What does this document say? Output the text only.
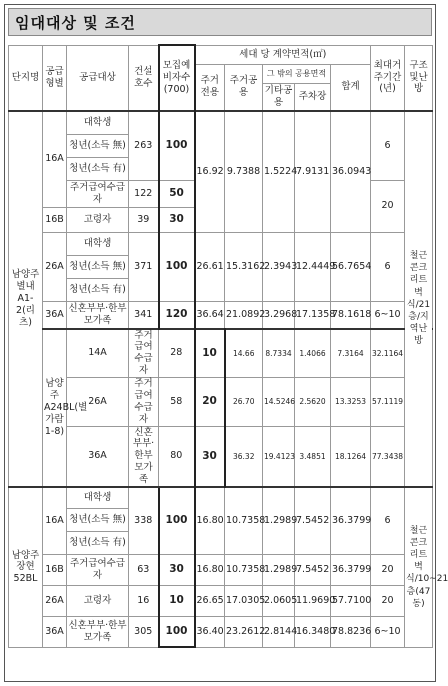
임대대상 및 조건
단지명	공급형별	공급대상	건설호수	모집예비자수(700)	세대 당 계약면적(㎡)					최대거주기간(년)	구조및난방	
					주거전용	주거공용	그 밖의 공용면적		합계			
							기타공용	주차장				
남양주별내A1-2(리츠)	16A	대학생	263	100	16.92	9.7388	1.5224	7.9131	36.0943	6	철근콘크리트벽식/21층/지역난방	
		청년(소득 無)										
		청년(소득 有)										
		주거급여수급자	122	50						20		
	16B	고령자	39	30								
	26A	대학생	371	100	26.61	15.3162	2.3943	12.4449	56.7654	6		
		청년(소득 無)										
		청년(소득 有)										
	36A	신혼부부·한부모가족	341	120	36.64	21.0892	3.2968	17.1358	78.1618	6~10		
	남양주A24BL(별가람1-8)	14A	주거급여수급자	28	10	14.66	8.7334	1.4066	7.3164	32.1164		
		26A	주거급여수급자	58	20	26.70	14.5246	2.5620	13.3253	57.1119	
		36A	신혼부부·한부모가족	80	30	36.32	19.4123	3.4851	18.1264	77.3438	
남양주장현52BL	16A	대학생	338	100	16.80	10.7358	1.2989	7.5452	36.3799	6	철근콘크리트벽식/10~21층(47동)	
		청년(소득 無)										
		청년(소득 有)										
	16B	주거급여수급자	63	30	16.80	10.7358	1.2989	7.5452	36.3799	20		
	26A	고령자	16	10	26.65	17.0305	2.0605	11.9690	57.7100	20		
	36A	신혼부부·한부모가족	305	100	36.40	23.2612	2.8144	16.3480	78.8236	6~10		
